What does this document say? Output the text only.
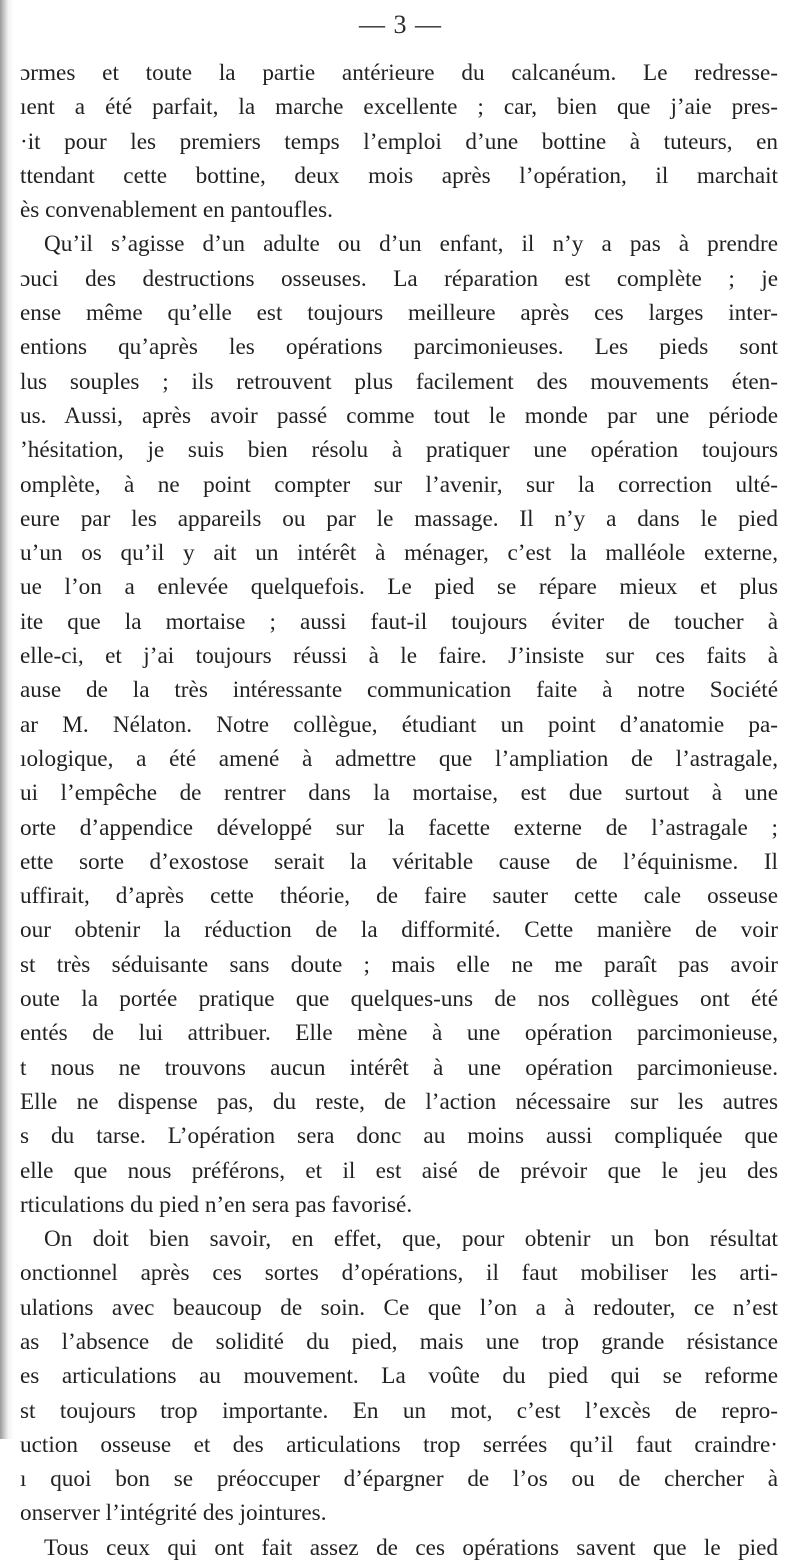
— 3 —
ɔrmes et toute la partie antérieure du calcanéum. Le redresse-
ıent a été parfait, la marche excellente ; car, bien que j’aie pres-
·it pour les premiers temps l’emploi d’une bottine à tuteurs, en
ttendant cette bottine, deux mois après l’opération, il marchait
ès convenablement en pantoufles.
Qu’il s’agisse d’un adulte ou d’un enfant, il n’y a pas à prendre
ɔuci des destructions osseuses. La réparation est complète ; je
ense même qu’elle est toujours meilleure après ces larges inter-
entions qu’après les opérations parcimonieuses. Les pieds sont
lus souples ; ils retrouvent plus facilement des mouvements éten-
us. Aussi, après avoir passé comme tout le monde par une période
’hésitation, je suis bien résolu à pratiquer une opération toujours
omplète, à ne point compter sur l’avenir, sur la correction ulté-
eure par les appareils ou par le massage. Il n’y a dans le pied
u’un os qu’il y ait un intérêt à ménager, c’est la malléole externe,
ue l’on a enlevée quelquefois. Le pied se répare mieux et plus
ite que la mortaise ; aussi faut-il toujours éviter de toucher à
elle-ci, et j’ai toujours réussi à le faire. J’insiste sur ces faits à
ause de la très intéressante communication faite à notre Société
ar M. Nélaton. Notre collègue, étudiant un point d’anatomie pa-
ıologique, a été amené à admettre que l’ampliation de l’astragale,
ui l’empêche de rentrer dans la mortaise, est due surtout à une
orte d’appendice développé sur la facette externe de l’astragale ;
ette sorte d’exostose serait la véritable cause de l’équinisme. Il
uffirait, d’après cette théorie, de faire sauter cette cale osseuse
our obtenir la réduction de la difformité. Cette manière de voir
st très séduisante sans doute ; mais elle ne me paraît pas avoir
oute la portée pratique que quelques-uns de nos collègues ont été
entés de lui attribuer. Elle mène à une opération parcimonieuse,
t nous ne trouvons aucun intérêt à une opération parcimonieuse.
Elle ne dispense pas, du reste, de l’action nécessaire sur les autres
s du tarse. L’opération sera donc au moins aussi compliquée que
elle que nous préférons, et il est aisé de prévoir que le jeu des
rticulations du pied n’en sera pas favorisé.
On doit bien savoir, en effet, que, pour obtenir un bon résultat
onctionnel après ces sortes d’opérations, il faut mobiliser les arti-
ulations avec beaucoup de soin. Ce que l’on a à redouter, ce n’est
as l’absence de solidité du pied, mais une trop grande résistance
es articulations au mouvement. La voûte du pied qui se reforme
st toujours trop importante. En un mot, c’est l’excès de repro-
uction osseuse et des articulations trop serrées qu’il faut craindre·
ı quoi bon se préoccuper d’épargner de l’os ou de chercher à
onserver l’intégrité des jointures.
Tous ceux qui ont fait assez de ces opérations savent que le pied
